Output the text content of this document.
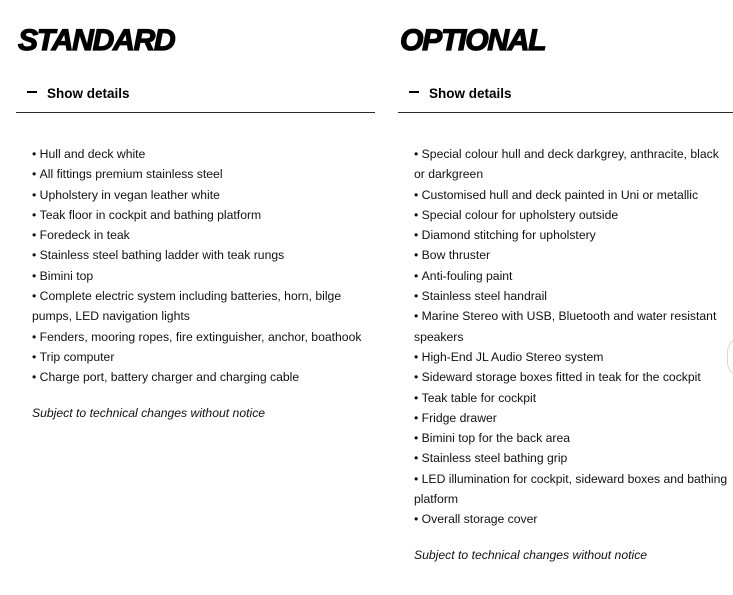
STANDARD
Show details
• Hull and deck white
• All fittings premium stainless steel
• Upholstery in vegan leather white
• Teak floor in cockpit and bathing platform
• Foredeck in teak
• Stainless steel bathing ladder with teak rungs
• Bimini top
• Complete electric system including batteries, horn, bilge pumps, LED navigation lights
• Fenders, mooring ropes, fire extinguisher, anchor, boathook
• Trip computer
• Charge port, battery charger and charging cable

Subject to technical changes without notice

OPTIONAL
Show details
• Special colour hull and deck darkgrey, anthracite, black or darkgreen
• Customised hull and deck painted in Uni or metallic
• Special colour for upholstery outside
• Diamond stitching for upholstery
• Bow thruster
• Anti-fouling paint
• Stainless steel handrail
• Marine Stereo with USB, Bluetooth and water resistant speakers
• High-End JL Audio Stereo system
• Sideward storage boxes fitted in teak for the cockpit
• Teak table for cockpit
• Fridge drawer
• Bimini top for the back area
• Stainless steel bathing grip
• LED illumination for cockpit, sideward boxes and bathing platform
• Overall storage cover

Subject to technical changes without notice
